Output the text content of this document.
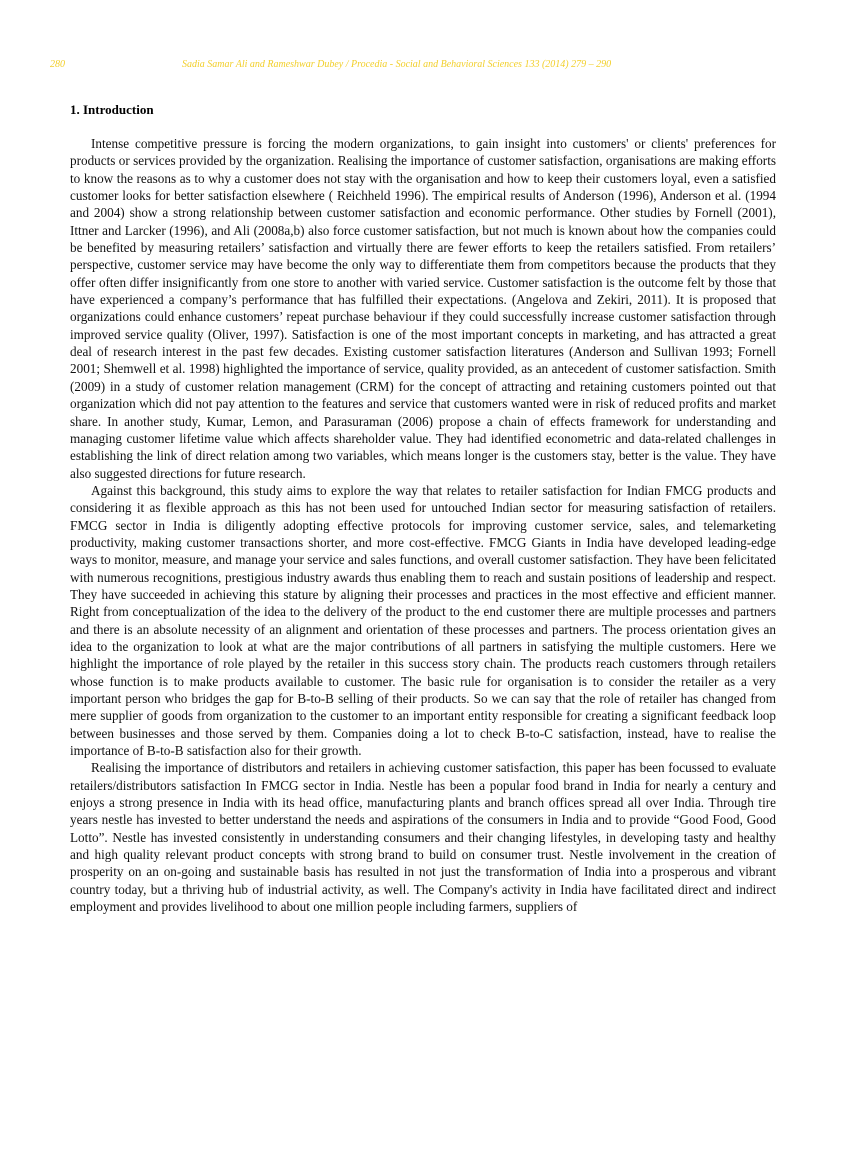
280	Sadia Samar Ali and Rameshwar Dubey / Procedia - Social and Behavioral Sciences 133 (2014) 279 – 290
1. Introduction

Intense competitive pressure is forcing the modern organizations, to gain insight into customers' or clients' preferences for products or services provided by the organization. Realising the importance of customer satisfaction, organisations are making efforts to know the reasons as to why a customer does not stay with the organisation and how to keep their customers loyal, even a satisfied customer looks for better satisfaction elsewhere ( Reichheld 1996). The empirical results of Anderson (1996), Anderson et al. (1994 and 2004) show a strong relationship between customer satisfaction and economic performance. Other studies by Fornell (2001), Ittner and Larcker (1996), and Ali (2008a,b) also force customer satisfaction, but not much is known about how the companies could be benefited by measuring retailers’ satisfaction and virtually there are fewer efforts to keep the retailers satisfied. From retailers’ perspective, customer service may have become the only way to differentiate them from competitors because the products that they offer often differ insignificantly from one store to another with varied service. Customer satisfaction is the outcome felt by those that have experienced a company’s performance that has fulfilled their expectations. (Angelova and Zekiri, 2011). It is proposed that organizations could enhance customers’ repeat purchase behaviour if they could successfully increase customer satisfaction through improved service quality (Oliver, 1997). Satisfaction is one of the most important concepts in marketing, and has attracted a great deal of research interest in the past few decades. Existing customer satisfaction literatures (Anderson and Sullivan 1993; Fornell 2001; Shemwell et al. 1998) highlighted the importance of service, quality provided, as an antecedent of customer satisfaction. Smith (2009) in a study of customer relation management (CRM) for the concept of attracting and retaining customers pointed out that organization which did not pay attention to the features and service that customers wanted were in risk of reduced profits and market share. In another study, Kumar, Lemon, and Parasuraman (2006) propose a chain of effects framework for understanding and managing customer lifetime value which affects shareholder value. They had identified econometric and data-related challenges in establishing the link of direct relation among two variables, which means longer is the customers stay, better is the value. They have also suggested directions for future research.

Against this background, this study aims to explore the way that relates to retailer satisfaction for Indian FMCG products and considering it as flexible approach as this has not been used for untouched Indian sector for measuring satisfaction of retailers. FMCG sector in India is diligently adopting effective protocols for improving customer service, sales, and telemarketing productivity, making customer transactions shorter, and more cost-effective. FMCG Giants in India have developed leading-edge ways to monitor, measure, and manage your service and sales functions, and overall customer satisfaction. They have been felicitated with numerous recognitions, prestigious industry awards thus enabling them to reach and sustain positions of leadership and respect. They have succeeded in achieving this stature by aligning their processes and practices in the most effective and efficient manner. Right from conceptualization of the idea to the delivery of the product to the end customer there are multiple processes and partners and there is an absolute necessity of an alignment and orientation of these processes and partners. The process orientation gives an idea to the organization to look at what are the major contributions of all partners in satisfying the multiple customers. Here we highlight the importance of role played by the retailer in this success story chain. The products reach customers through retailers whose function is to make products available to customer. The basic rule for organisation is to consider the retailer as a very important person who bridges the gap for B-to-B selling of their products. So we can say that the role of retailer has changed from mere supplier of goods from organization to the customer to an important entity responsible for creating a significant feedback loop between businesses and those served by them. Companies doing a lot to check B-to-C satisfaction, instead, have to realise the importance of B-to-B satisfaction also for their growth.

Realising the importance of distributors and retailers in achieving customer satisfaction, this paper has been focussed to evaluate retailers/distributors satisfaction In FMCG sector in India. Nestle has been a popular food brand in India for nearly a century and enjoys a strong presence in India with its head office, manufacturing plants and branch offices spread all over India. Through tire years nestle has invested to better understand the needs and aspirations of the consumers in India and to provide “Good Food, Good Lotto”. Nestle has invested consistently in understanding consumers and their changing lifestyles, in developing tasty and healthy and high quality relevant product concepts with strong brand to build on consumer trust. Nestle involvement in the creation of prosperity on an on-going and sustainable basis has resulted in not just the transformation of India into a prosperous and vibrant country today, but a thriving hub of industrial activity, as well. The Company's activity in India have facilitated direct and indirect employment and provides livelihood to about one million people including farmers, suppliers of
